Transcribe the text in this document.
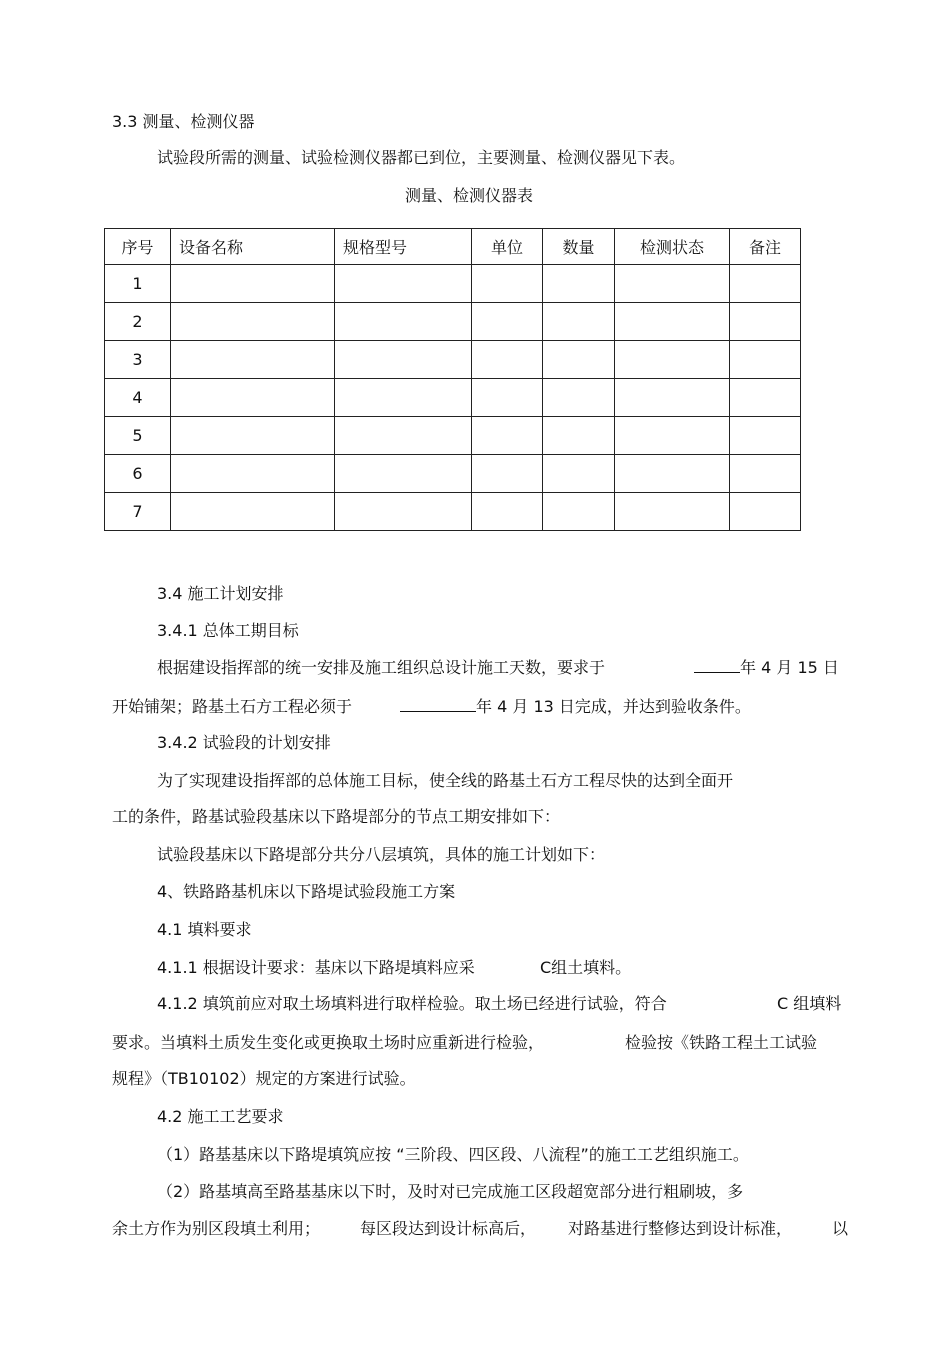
3.3 测量、检测仪器
试验段所需的测量、试验检测仪器都已到位，主要测量、检测仪器见下表。
测量、检测仪器表
序号	设备名称	规格型号	单位	数量	检测状态	备注
1						
2						
3						
4						
5						
6						
7						
3.4 施工计划安排
3.4.1 总体工期目标
根据建设指挥部的统一安排及施工组织总设计施工天数，要求于	年 4 月 15 日
开始铺架；路基土石方工程必须于	年 4 月 13 日完成，并达到验收条件。
3.4.2 试验段的计划安排
为了实现建设指挥部的总体施工目标，使全线的路基土石方工程尽快的达到全面开
工的条件，路基试验段基床以下路堤部分的节点工期安排如下：
试验段基床以下路堤部分共分八层填筑，具体的施工计划如下：
4、铁路路基机床以下路堤试验段施工方案
4.1 填料要求
4.1.1 根据设计要求：基床以下路堤填料应采	C组土填料。
4.1.2 填筑前应对取土场填料进行取样检验。取土场已经进行试验，符合	C 组填料
要求。当填料土质发生变化或更换取土场时应重新进行检验，	检验按《铁路工程土工试验
规程》（TB10102）规定的方案进行试验。
4.2 施工工艺要求
（1）路基基床以下路堤填筑应按 “三阶段、四区段、八流程”的施工工艺组织施工。
（2）路基填高至路基基床以下时，及时对已完成施工区段超宽部分进行粗刷坡，多
余土方作为别区段填土利用； 每区段达到设计标高后， 对路基进行整修达到设计标准， 以
